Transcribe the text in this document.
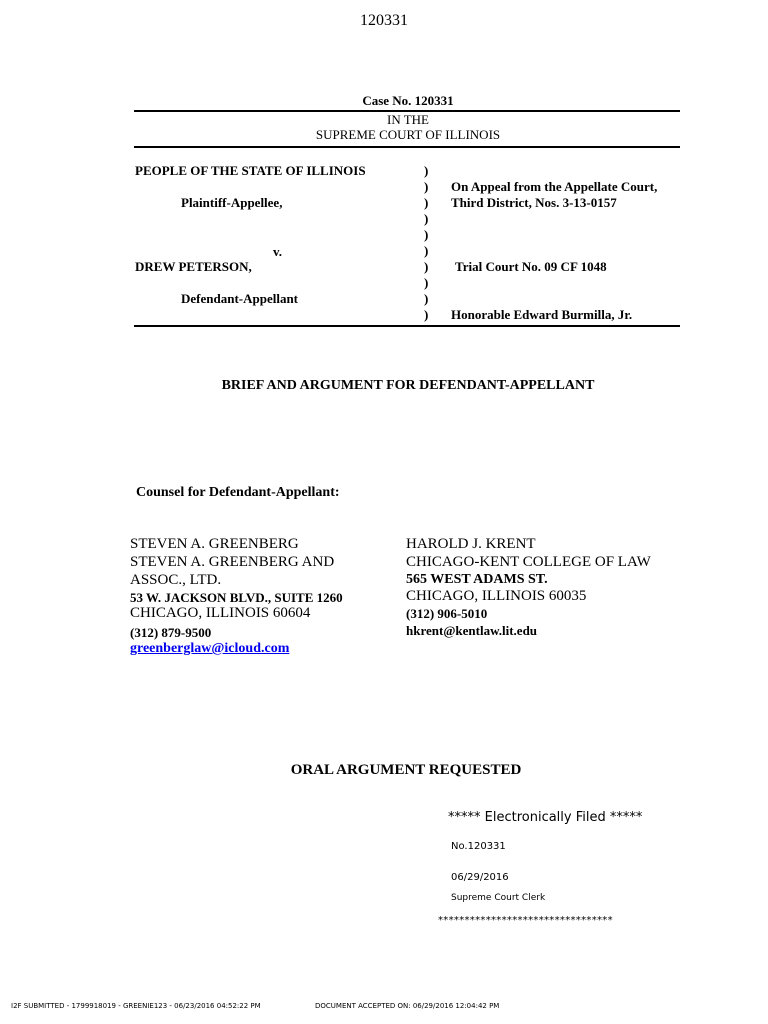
120331
Case No. 120331
IN THE
SUPREME COURT OF ILLINOIS
PEOPLE OF THE STATE OF ILLINOIS
Plaintiff-Appellee,
v.
DREW PETERSON,
Defendant-Appellant
)
)
)
)
)
)
)
)
)
)
On Appeal from the Appellate Court,
Third District, Nos. 3-13-0157
Trial Court No. 09 CF 1048
Honorable Edward Burmilla, Jr.
BRIEF AND ARGUMENT FOR DEFENDANT-APPELLANT
Counsel for Defendant-Appellant:
STEVEN A. GREENBERG
STEVEN A. GREENBERG AND
ASSOC., LTD.
53 W. JACKSON BLVD., SUITE 1260
CHICAGO, ILLINOIS 60604
(312) 879-9500
greenberglaw@icloud.com
HAROLD J. KRENT
CHICAGO-KENT COLLEGE OF LAW
565 WEST ADAMS ST.
CHICAGO, ILLINOIS 60035
(312) 906-5010
hkrent@kentlaw.lit.edu
ORAL ARGUMENT REQUESTED
***** Electronically Filed *****
No.120331
06/29/2016
Supreme Court Clerk
*********************************
I2F SUBMITTED - 1799918019 - GREENIE123 - 06/23/2016 04:52:22 PM	DOCUMENT ACCEPTED ON: 06/29/2016 12:04:42 PM
